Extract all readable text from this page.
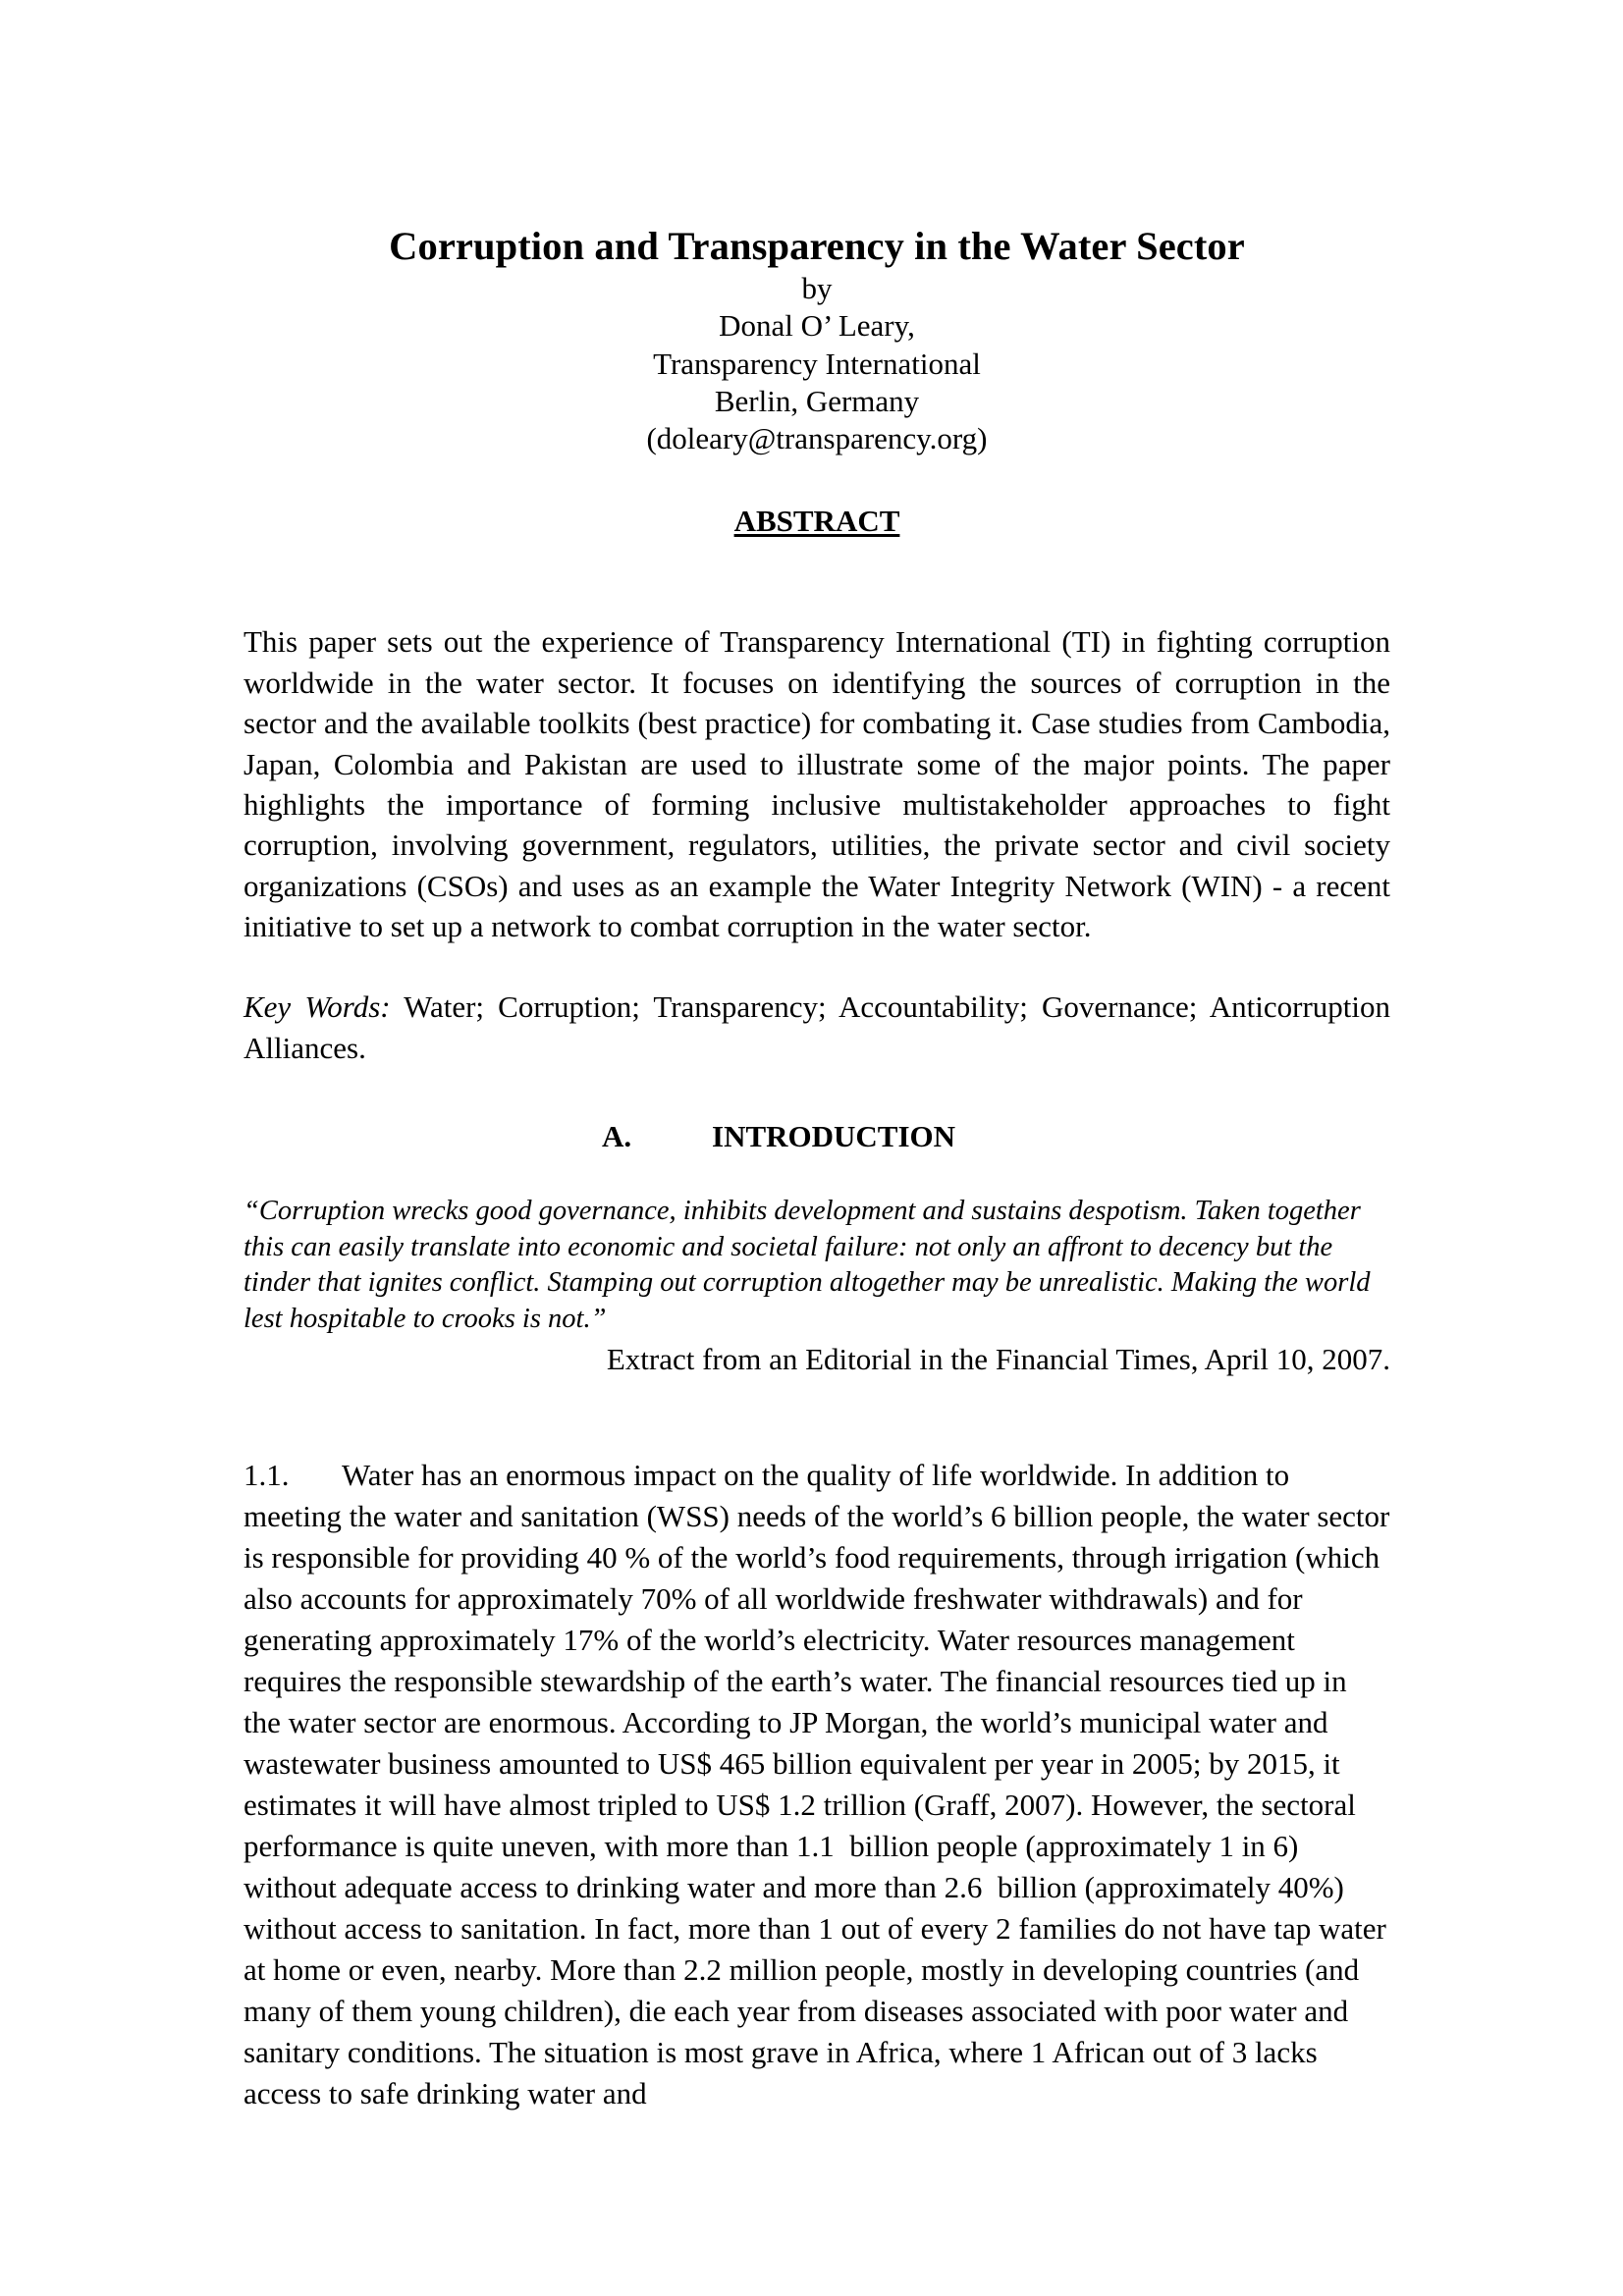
Corruption and Transparency in the Water Sector
by
Donal O’ Leary,
Transparency International
Berlin, Germany
(doleary@transparency.org)
ABSTRACT

This paper sets out the experience of Transparency International (TI) in fighting corruption worldwide in the water sector. It focuses on identifying the sources of corruption in the  sector and the available toolkits (best practice) for combating it. Case studies from Cambodia, Japan, Colombia and Pakistan are used to illustrate some of the major points. The paper highlights the importance of forming inclusive multistakeholder approaches to fight corruption, involving government, regulators, utilities, the private sector and civil society organizations (CSOs) and uses as an example the Water Integrity Network (WIN) - a recent initiative to set up a network to combat corruption in the water sector.

Key Words: Water; Corruption; Transparency; Accountability; Governance; Anticorruption Alliances.

A.	INTRODUCTION

“Corruption wrecks good governance, inhibits development and sustains despotism. Taken together this can easily translate into economic and societal failure: not only an affront to decency but the tinder that ignites conflict. Stamping out corruption altogether may be unrealistic. Making the world lest hospitable to crooks is not.”

Extract from an Editorial in the Financial Times, April 10, 2007.

1.1. Water has an enormous impact on the quality of life worldwide. In addition to meeting the water and sanitation (WSS) needs of the world’s 6 billion people, the water sector is responsible for providing 40 % of the world’s food requirements, through irrigation (which also accounts for approximately 70% of all worldwide freshwater withdrawals) and for generating approximately 17% of the world’s electricity. Water resources management requires the responsible stewardship of the earth’s water. The financial resources tied up in the water sector are enormous. According to JP Morgan, the world’s municipal water and wastewater business amounted to US$ 465 billion equivalent per year in 2005; by 2015, it estimates it will have almost tripled to US$ 1.2 trillion (Graff, 2007). However, the sectoral performance is quite uneven, with more than 1.1  billion people (approximately 1 in 6) without adequate access to drinking water and more than 2.6  billion (approximately 40%) without access to sanitation. In fact, more than 1 out of every 2 families do not have tap water at home or even, nearby. More than 2.2 million people, mostly in developing countries (and many of them young children), die each year from diseases associated with poor water and sanitary conditions. The situation is most grave in Africa, where 1 African out of 3 lacks access to safe drinking water and
